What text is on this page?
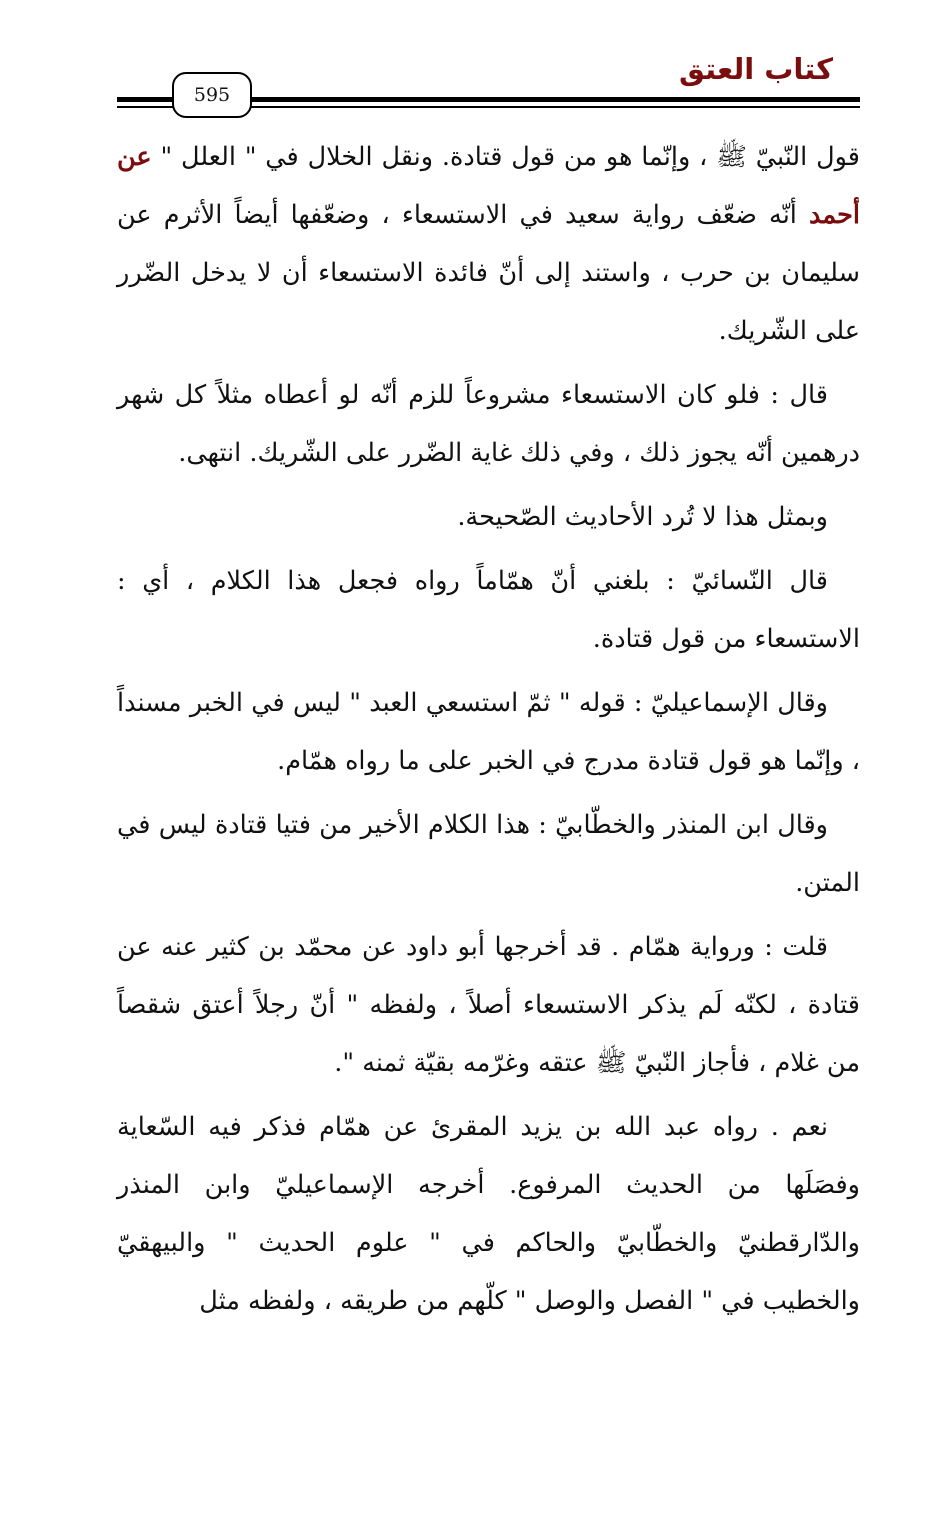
كتاب العتق
595

قول النّبيّ ﷺ ، وإنّما هو من قول قتادة. ونقل الخلال في " العلل " عن أحمد أنّه ضعّف رواية سعيد في الاستسعاء ، وضعّفها أيضاً الأثرم عن سليمان بن حرب ، واستند إلى أنّ فائدة الاستسعاء أن لا يدخل الضّرر على الشّريك.

قال : فلو كان الاستسعاء مشروعاً للزم أنّه لو أعطاه مثلاً كل شهر درهمين أنّه يجوز ذلك ، وفي ذلك غاية الضّرر على الشّريك. انتهى.

وبمثل هذا لا تُرد الأحاديث الصّحيحة.

قال النّسائيّ : بلغني أنّ همّاماً رواه فجعل هذا الكلام ، أي : الاستسعاء من قول قتادة.

وقال الإسماعيليّ : قوله " ثمّ استسعي العبد " ليس في الخبر مسنداً ، وإنّما هو قول قتادة مدرج في الخبر على ما رواه همّام.

وقال ابن المنذر والخطّابيّ : هذا الكلام الأخير من فتيا قتادة ليس في المتن.

قلت : ورواية همّام . قد أخرجها أبو داود عن محمّد بن كثير عنه عن قتادة ، لكنّه لَم يذكر الاستسعاء أصلاً ، ولفظه " أنّ رجلاً أعتق شقصاً من غلام ، فأجاز النّبيّ ﷺ عتقه وغرّمه بقيّة ثمنه ".

نعم . رواه عبد الله بن يزيد المقرئ عن همّام فذكر فيه السّعاية وفصَلَها من الحديث المرفوع. أخرجه الإسماعيليّ وابن المنذر والدّارقطنيّ والخطّابيّ والحاكم في " علوم الحديث " والبيهقيّ والخطيب في " الفصل والوصل " كلّهم من طريقه ، ولفظه مثل
